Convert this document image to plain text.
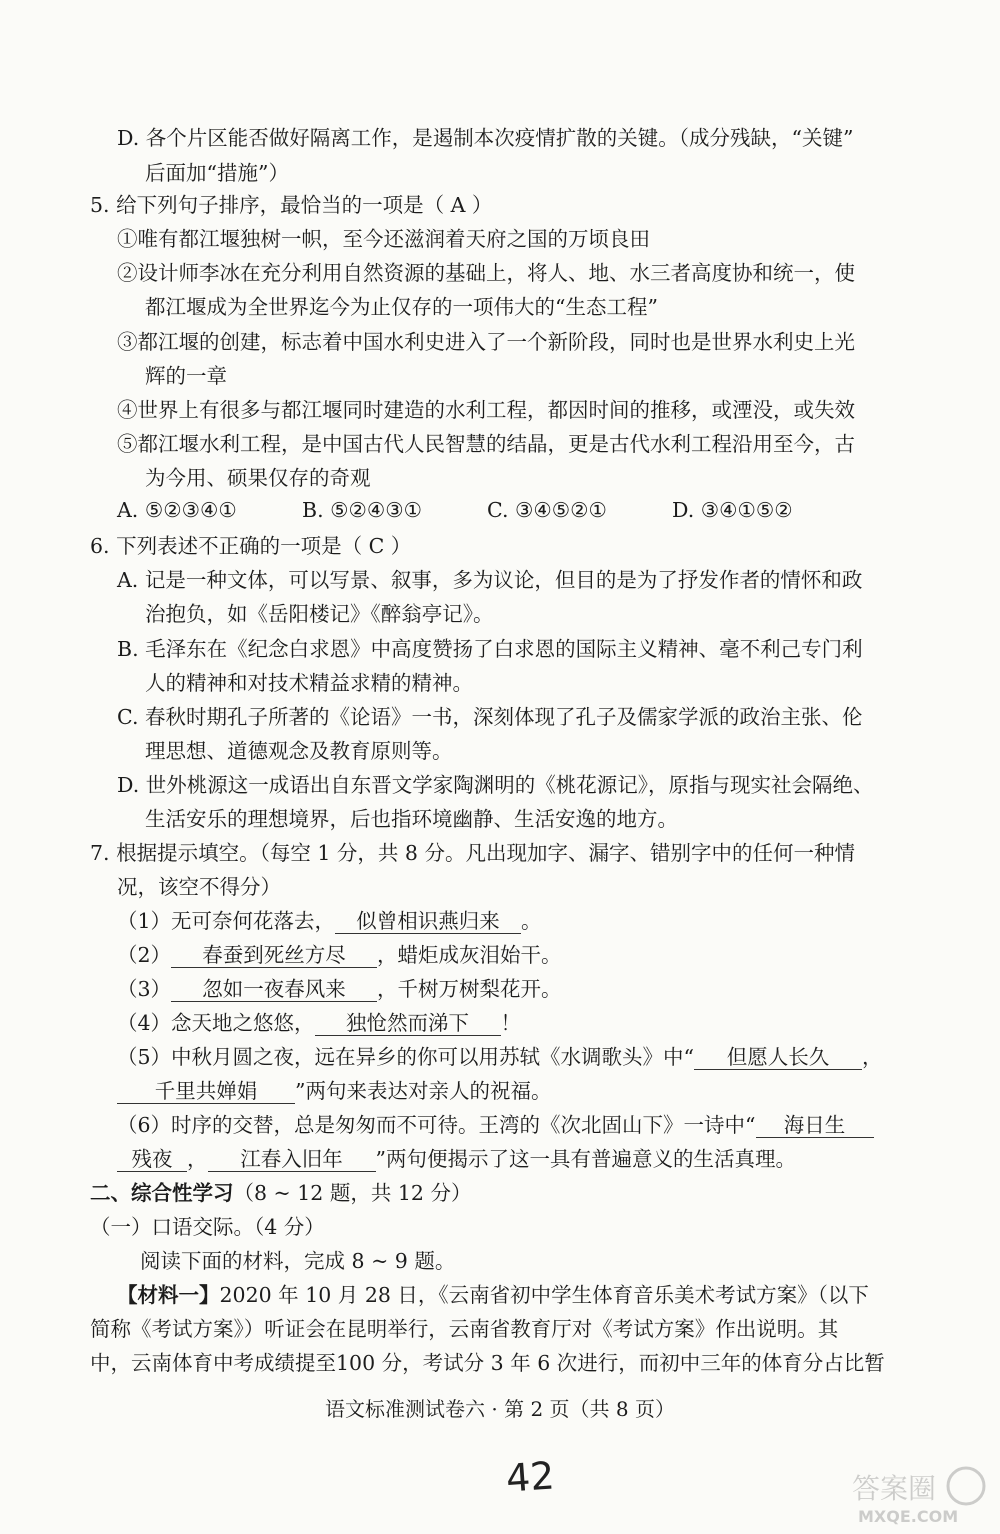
D. 各个片区能否做好隔离工作，是遏制本次疫情扩散的关键。（成分残缺，“关键”
后面加“措施”）
5. 给下列句子排序，最恰当的一项是（ A ）
①唯有都江堰独树一帜，至今还滋润着天府之国的万顷良田
②设计师李冰在充分利用自然资源的基础上，将人、地、水三者高度协和统一，使
都江堰成为全世界迄今为止仅存的一项伟大的“生态工程”
③都江堰的创建，标志着中国水利史进入了一个新阶段，同时也是世界水利史上光
辉的一章
④世界上有很多与都江堰同时建造的水利工程，都因时间的推移，或湮没，或失效
⑤都江堰水利工程，是中国古代人民智慧的结晶，更是古代水利工程沿用至今，古
为今用、硕果仅存的奇观
A. ⑤②③④①	B. ⑤②④③①	C. ③④⑤②①	D. ③④①⑤②
6. 下列表述不正确的一项是（ C ）
A. 记是一种文体，可以写景、叙事，多为议论，但目的是为了抒发作者的情怀和政
治抱负，如《岳阳楼记》《醉翁亭记》。
B. 毛泽东在《纪念白求恩》中高度赞扬了白求恩的国际主义精神、毫不利己专门利
人的精神和对技术精益求精的精神。
C. 春秋时期孔子所著的《论语》一书，深刻体现了孔子及儒家学派的政治主张、伦
理思想、道德观念及教育原则等。
D. 世外桃源这一成语出自东晋文学家陶渊明的《桃花源记》，原指与现实社会隔绝、
生活安乐的理想境界，后也指环境幽静、生活安逸的地方。
7. 根据提示填空。（每空 1 分，共 8 分。凡出现加字、漏字、错别字中的任何一种情
况，该空不得分）
（1）无可奈何花落去， 似曾相识燕归来 。
（2） 春蚕到死丝方尽 ，蜡炬成灰泪始干。
（3） 忽如一夜春风来 ，千树万树梨花开。
（4）念天地之悠悠， 独怆然而涕下 ！
（5）中秋月圆之夜，远在异乡的你可以用苏轼《水调歌头》中“ 但愿人长久 ，
千里共婵娟 ”两句来表达对亲人的祝福。
（6）时序的交替，总是匆匆而不可待。王湾的《次北固山下》一诗中“ 海日生
残夜 ， 江春入旧年 ”两句便揭示了这一具有普遍意义的生活真理。
二、综合性学习（8 ~ 12 题，共 12 分）
（一）口语交际。（4 分）
阅读下面的材料，完成 8 ~ 9 题。
【材料一】2020 年 10 月 28 日，《云南省初中学生体育音乐美术考试方案》（以下
简称《考试方案》）听证会在昆明举行，云南省教育厅对《考试方案》作出说明。其
中，云南体育中考成绩提至100 分，考试分 3 年 6 次进行，而初中三年的体育分占比暂
语文标准测试卷六 · 第 2 页（共 8 页）
42	答案圈
MXQE.COM
